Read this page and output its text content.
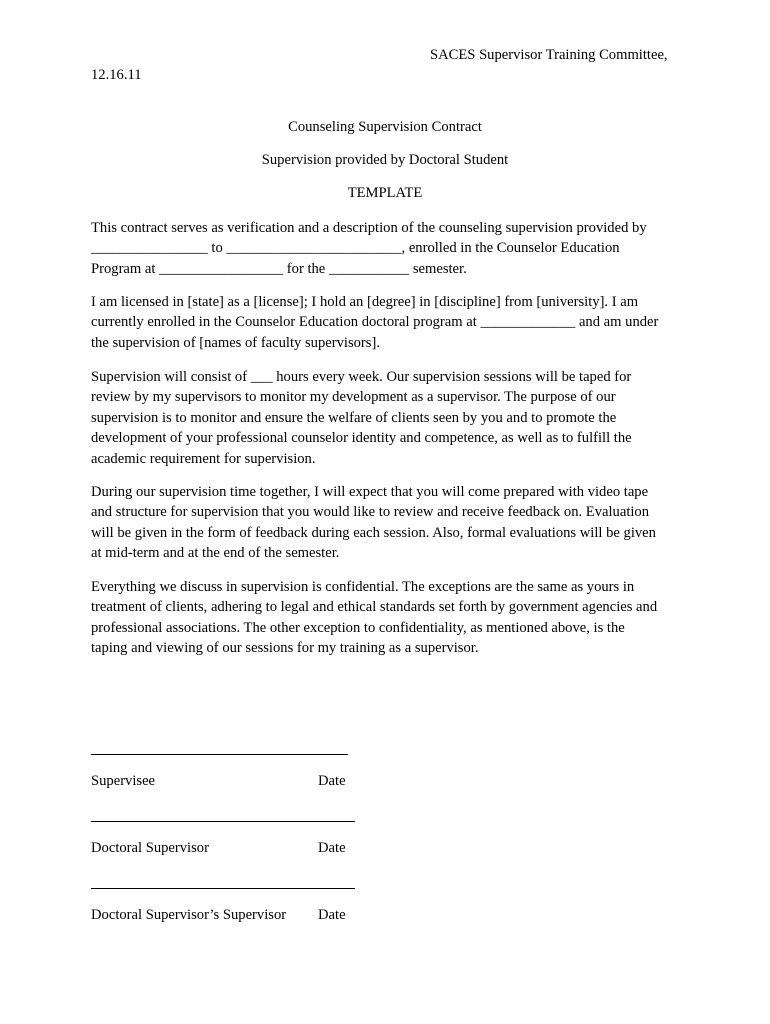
SACES Supervisor Training Committee,
12.16.11
Counseling Supervision Contract
Supervision provided by Doctoral Student
TEMPLATE

This contract serves as verification and a description of the counseling supervision provided by
________________ to ________________________, enrolled in the Counselor Education
Program at _________________ for the ___________ semester.

I am licensed in [state] as a [license]; I hold an [degree] in [discipline] from [university]. I am
currently enrolled in the Counselor Education doctoral program at _____________ and am under
the supervision of [names of faculty supervisors].

Supervision will consist of ___ hours every week. Our supervision sessions will be taped for
review by my supervisors to monitor my development as a supervisor. The purpose of our
supervision is to monitor and ensure the welfare of clients seen by you and to promote the
development of your professional counselor identity and competence, as well as to fulfill the
academic requirement for supervision.

During our supervision time together, I will expect that you will come prepared with video tape
and structure for supervision that you would like to review and receive feedback on. Evaluation
will be given in the form of feedback during each session. Also, formal evaluations will be given
at mid-term and at the end of the semester.

Everything we discuss in supervision is confidential. The exceptions are the same as yours in
treatment of clients, adhering to legal and ethical standards set forth by government agencies and
professional associations. The other exception to confidentiality, as mentioned above, is the
taping and viewing of our sessions for my training as a supervisor.

Supervisee	Date
Doctoral Supervisor	Date
Doctoral Supervisor’s Supervisor Date
